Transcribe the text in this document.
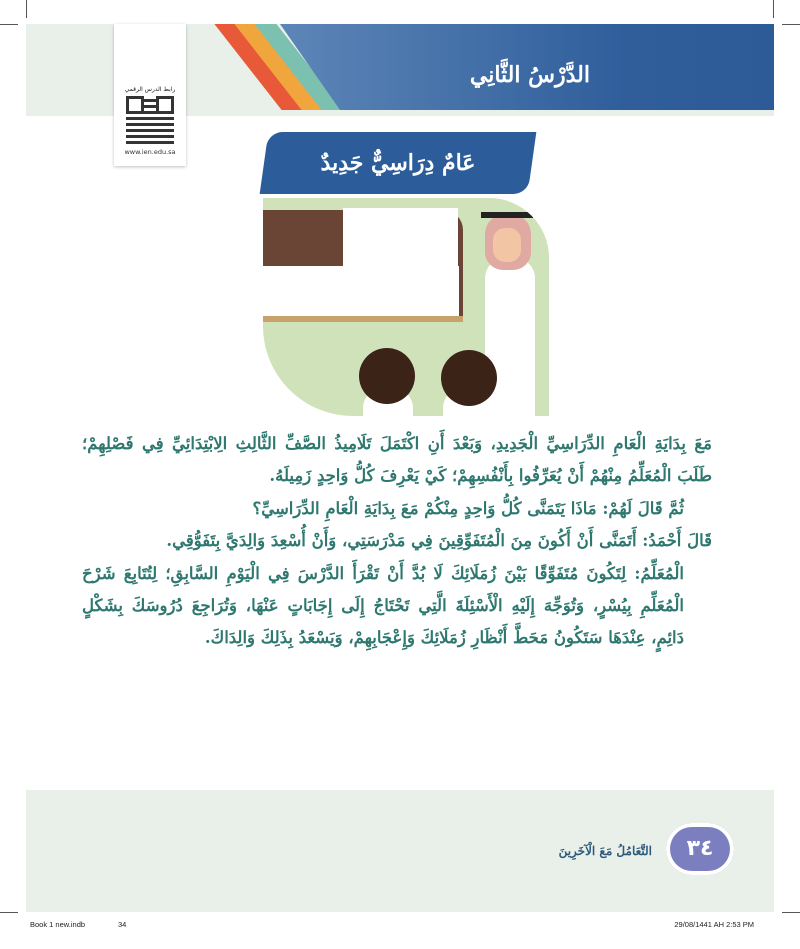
الدَّرْسُ الثَّانِي
رابط الدرس الرقمي
www.ien.edu.sa	عَامٌ دِرَاسِيٌّ جَدِيدٌ

مَعَ بِدَايَةِ الْعَامِ الدِّرَاسِيِّ الْجَدِيدِ، وَبَعْدَ أَنِ اكْتَمَلَ تَلَامِيذُ الصَّفِّ الثَّالِثِ الِابْتِدَائِيِّ فِي فَصْلِهِمْ؛ طَلَبَ الْمُعَلِّمُ مِنْهُمْ أَنْ يُعَرِّفُوا بِأَنْفُسِهِمْ؛ كَيْ يَعْرِفَ كُلُّ وَاحِدٍ زَمِيلَهُ.

ثُمَّ قَالَ لَهُمْ: مَاذَا يَتَمَنَّى كُلُّ وَاحِدٍ مِنْكُمْ مَعَ بِدَايَةِ الْعَامِ الدِّرَاسِيِّ؟

قَالَ أَحْمَدُ: أَتَمَنَّى أَنْ أَكُونَ مِنَ الْمُتَفَوِّقِينَ فِي مَدْرَسَتِي، وَأَنْ أُسْعِدَ وَالِدَيَّ بِتَفَوُّقِي.

الْمُعَلِّمُ: لِتَكُونَ مُتَفَوِّقًا بَيْنَ زُمَلَائِكَ لَا بُدَّ أَنْ تَقْرَأَ الدَّرْسَ فِي الْيَوْمِ السَّابِقِ؛ لِتُتَابِعَ شَرْحَ الْمُعَلِّمِ بِيُسْرٍ، وَتُوَجِّهَ إِلَيْهِ الْأَسْئِلَةَ الَّتِي تَحْتَاجُ إِلَى إِجَابَاتٍ عَنْهَا، وَتُرَاجِعَ دُرُوسَكَ بِشَكْلٍ دَائِمٍ، عِنْدَهَا سَتَكُونُ مَحَطَّ أَنْظَارِ زُمَلَائِكَ وَإِعْجَابِهِمْ، وَيَسْعَدُ بِذَلِكَ وَالِدَاكَ.

٣٤
التَّعَامُلُ مَعَ الْآخَرِينَ
Book 1 new.indb	34	29/08/1441 AH 2:53 PM
